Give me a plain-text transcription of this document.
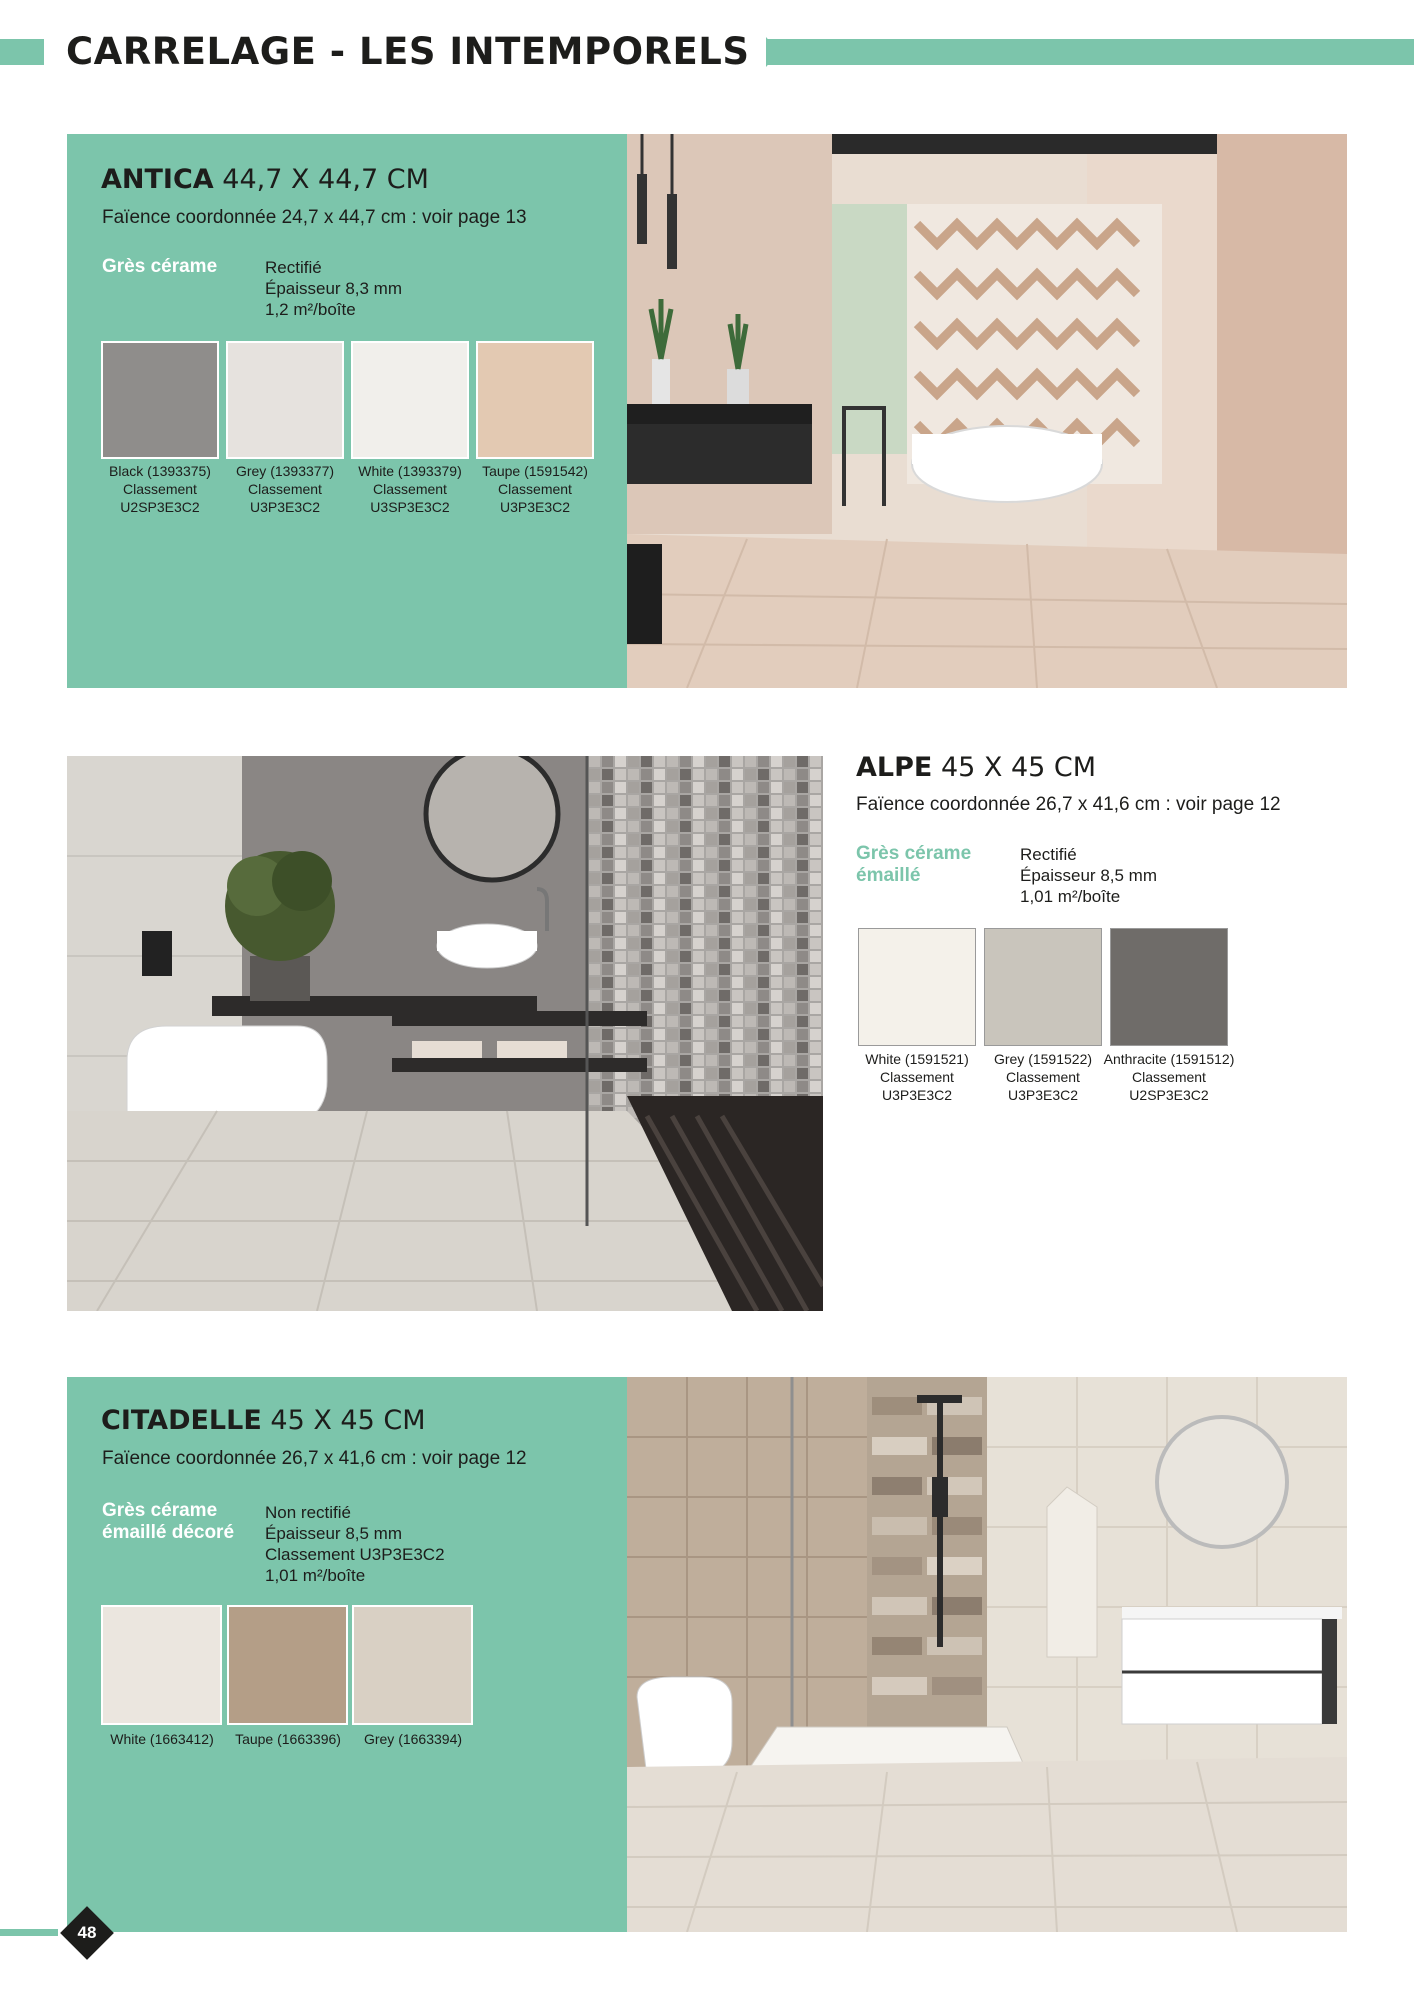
CARRELAGE - LES INTEMPORELS
ANTICA 44,7 X 44,7 CM
Faïence coordonnée 24,7 x 44,7 cm : voir page 13
Grès cérame	Rectifié
Épaisseur 8,3 mm
1,2 m²/boîte
Black (1393375)
Classement
U2SP3E3C2
Grey (1393377)
Classement
U3P3E3C2
White (1393379)
Classement
U3SP3E3C2
Taupe (1591542)
Classement
U3P3E3C2
ALPE 45 X 45 CM
Faïence coordonnée 26,7 x 41,6 cm : voir page 12
Grès cérame émaillé
Rectifié
Épaisseur 8,5 mm
1,01 m²/boîte
White (1591521)
Classement
U3P3E3C2
Grey (1591522)
Classement
U3P3E3C2
Anthracite (1591512)
Classement
U2SP3E3C2
CITADELLE 45 X 45 CM
Faïence coordonnée 26,7 x 41,6 cm : voir page 12
Grès cérame émaillé décoré
Non rectifié
Épaisseur 8,5 mm
Classement U3P3E3C2
1,01 m²/boîte
White (1663412)	Taupe (1663396)	Grey (1663394)
48
